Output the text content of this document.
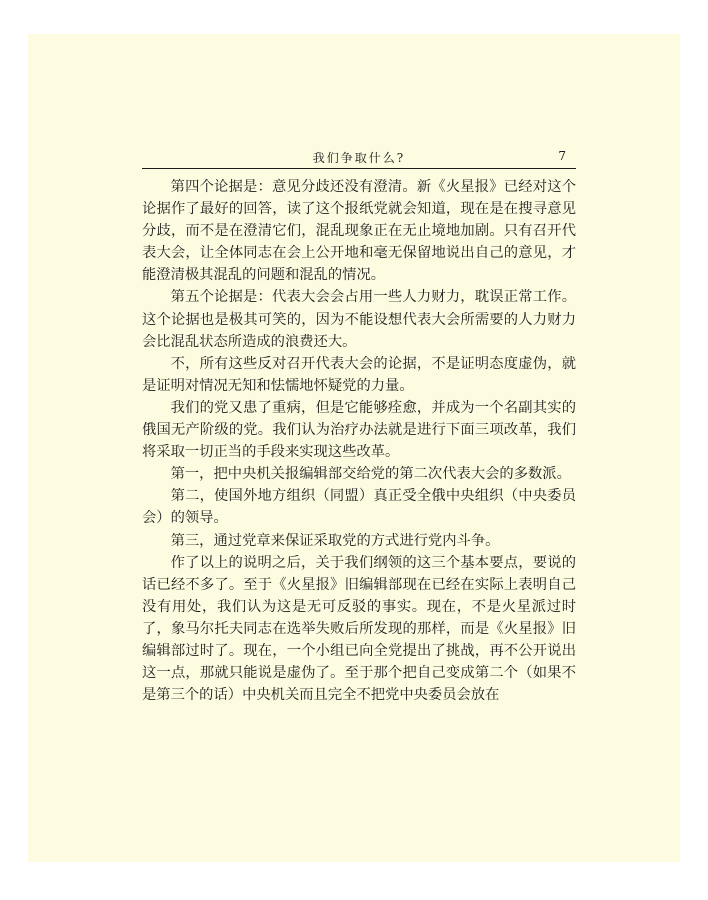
我们争取什么?	7

第四个论据是：意见分歧还没有澄清。新《火星报》已经对这个论据作了最好的回答，读了这个报纸党就会知道，现在是在搜寻意见分歧，而不是在澄清它们，混乱现象正在无止境地加剧。只有召开代表大会，让全体同志在会上公开地和毫无保留地说出自己的意见，才能澄清极其混乱的问题和混乱的情况。

第五个论据是：代表大会会占用一些人力财力，耽误正常工作。这个论据也是极其可笑的，因为不能设想代表大会所需要的人力财力会比混乱状态所造成的浪费还大。

不，所有这些反对召开代表大会的论据，不是证明态度虚伪，就是证明对情况无知和怯懦地怀疑党的力量。

我们的党又患了重病，但是它能够痊愈，并成为一个名副其实的俄国无产阶级的党。我们认为治疗办法就是进行下面三项改革，我们将采取一切正当的手段来实现这些改革。

第一，把中央机关报编辑部交给党的第二次代表大会的多数派。

第二，使国外地方组织（同盟）真正受全俄中央组织（中央委员会）的领导。

第三，通过党章来保证采取党的方式进行党内斗争。

作了以上的说明之后，关于我们纲领的这三个基本要点，要说的话已经不多了。至于《火星报》旧编辑部现在已经在实际上表明自己没有用处，我们认为这是无可反驳的事实。现在，不是火星派过时了，象马尔托夫同志在选举失败后所发现的那样，而是《火星报》旧编辑部过时了。现在，一个小组已向全党提出了挑战，再不公开说出这一点，那就只能说是虚伪了。至于那个把自己变成第二个（如果不是第三个的话）中央机关而且完全不把党中央委员会放在
